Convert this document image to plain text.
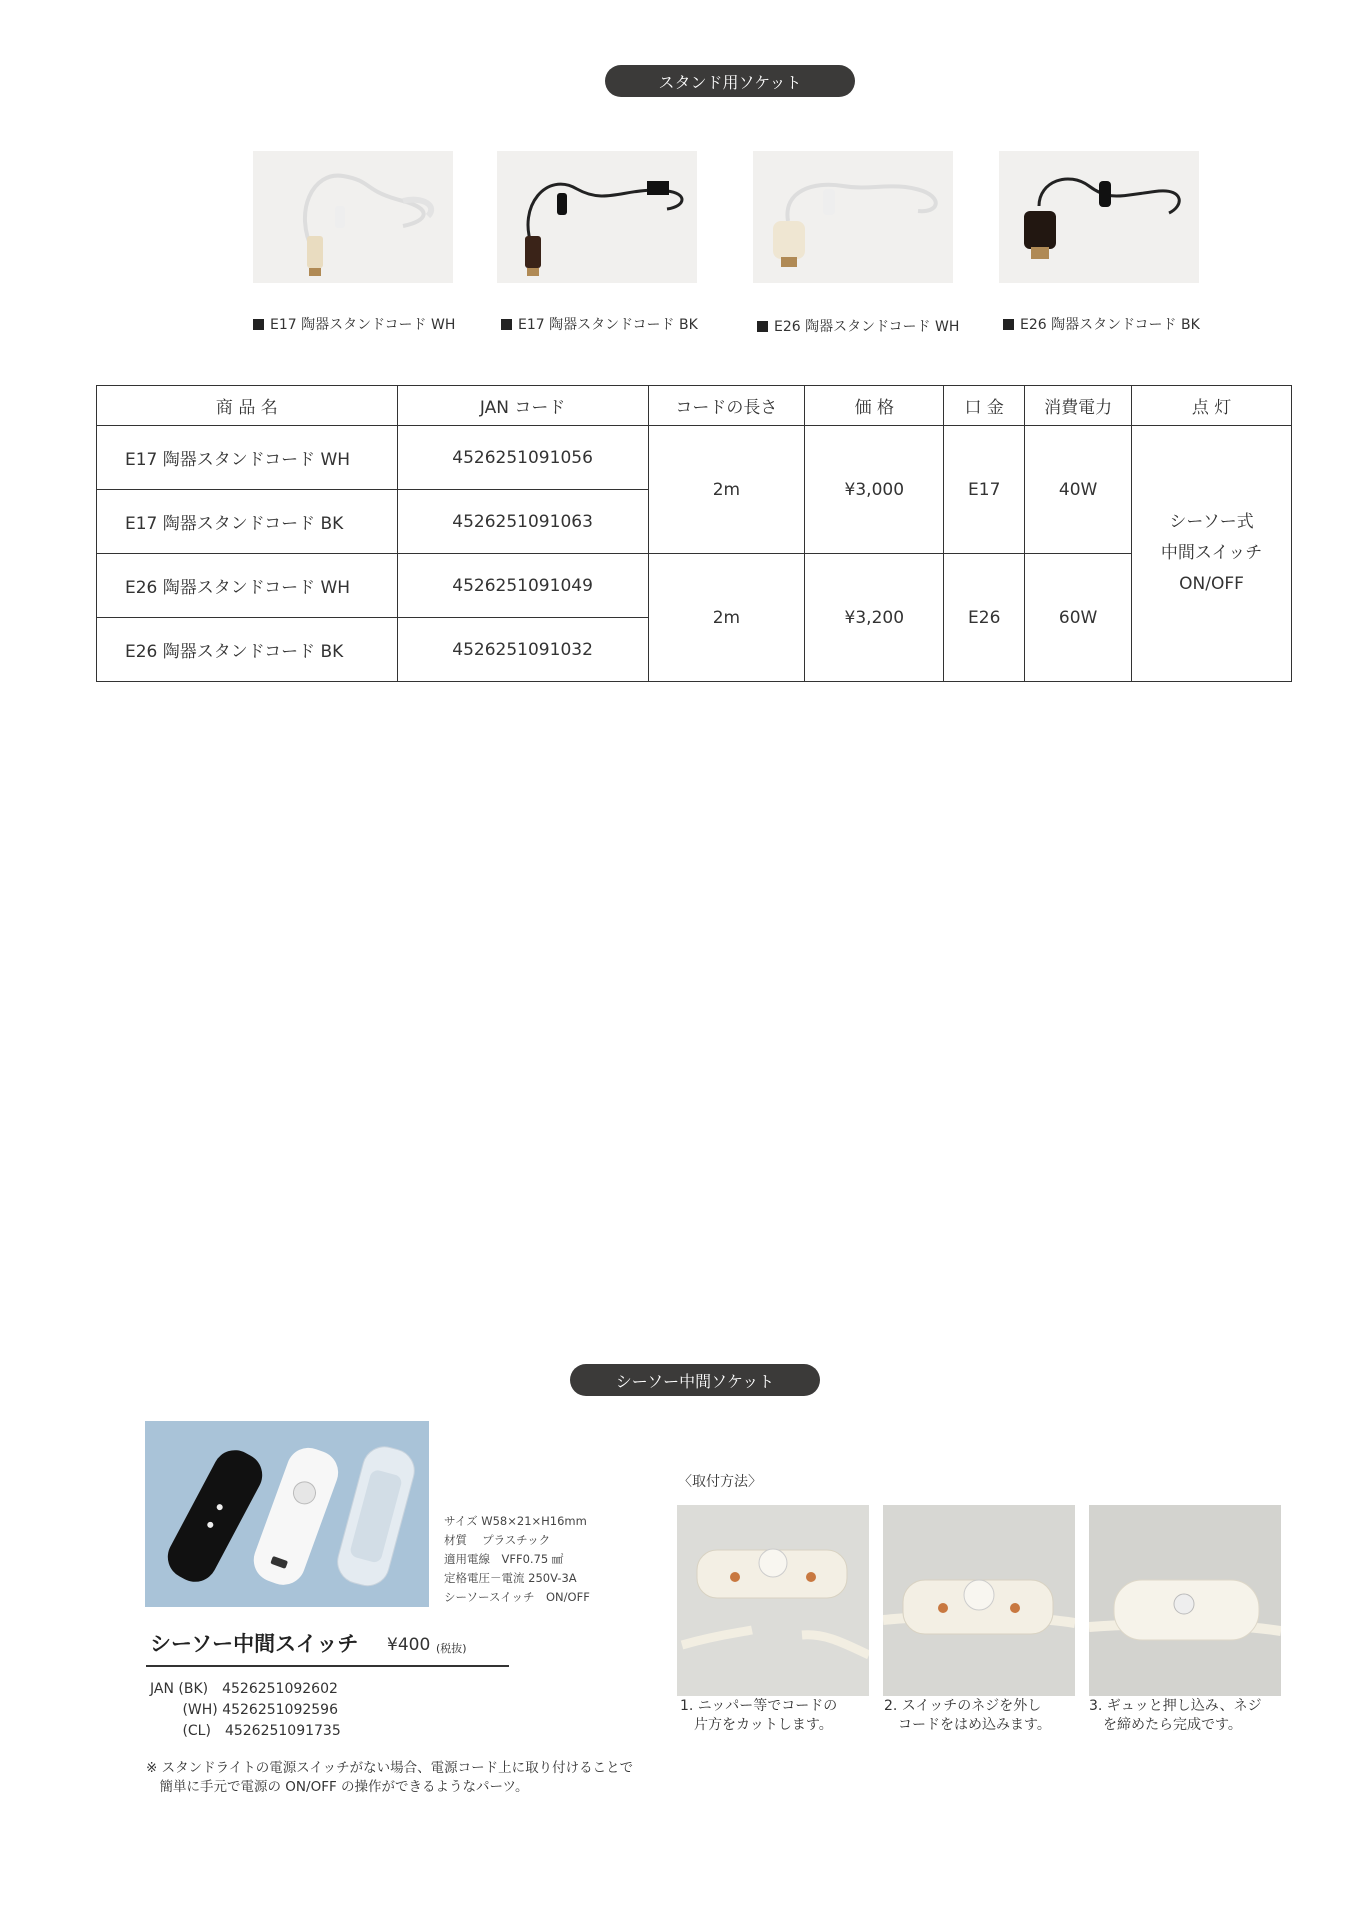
スタンド用ソケット
E17 陶器スタンドコード WH	E17 陶器スタンドコード BK	E26 陶器スタンドコード WH	E26 陶器スタンドコード BK
商 品 名	JAN コード	コードの長さ	価 格	口 金	消費電力	点 灯
E17 陶器スタンドコード WH	4526251091056	2m	¥3,000	E17	40W	シーソー式
中間スイッチ
ON/OFF

E17 陶器スタンドコード BK	4526251091063					
E26 陶器スタンドコード WH	4526251091049	2m	¥3,200	E26	60W	
E26 陶器スタンドコード BK	4526251091032					
シーソー中間ソケット
サイズ W58×21×H16mm
材質　 プラスチック
適用電線　VFF0.75 ㎟
定格電圧－電流 250V-3A
シーソースイッチ　ON/OFF
シーソー中間スイッチ ¥400 (税抜)
JAN (BK)　4526251092602
　　 (WH) 4526251092596
　　 (CL)　4526251091735
※ スタンドライトの電源スイッチがない場合、電源コード上に取り付けることで
　簡単に手元で電源の ON/OFF の操作ができるようなパーツ。
〈取付方法〉
1. ニッパー等でコードの
　片方をカットします。
2. スイッチのネジを外し
　コードをはめ込みます。
3. ギュッと押し込み、ネジ
　を締めたら完成です。
